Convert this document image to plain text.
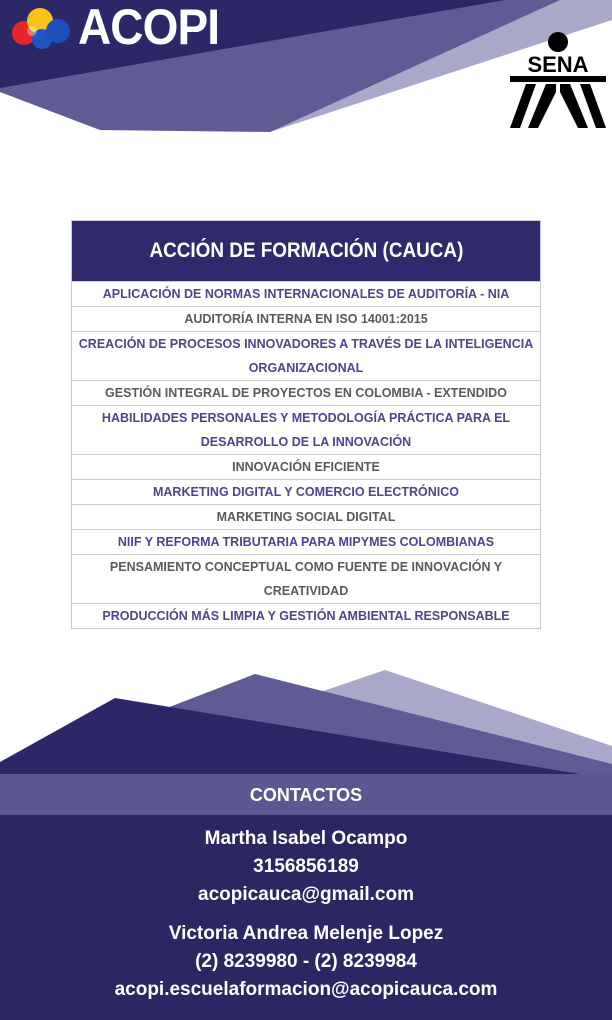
ACOPI
SENA
ACCIÓN DE FORMACIÓN (CAUCA)
APLICACIÓN DE NORMAS INTERNACIONALES DE AUDITORÍA - NIA
AUDITORÍA INTERNA EN ISO 14001:2015
CREACIÓN DE PROCESOS INNOVADORES A TRAVÉS DE LA INTELIGENCIA ORGANIZACIONAL
GESTIÓN INTEGRAL DE PROYECTOS EN COLOMBIA - EXTENDIDO
HABILIDADES PERSONALES Y METODOLOGÍA PRÁCTICA PARA EL DESARROLLO DE LA INNOVACIÓN
INNOVACIÓN EFICIENTE
MARKETING DIGITAL Y COMERCIO ELECTRÓNICO
MARKETING SOCIAL DIGITAL
NIIF Y REFORMA TRIBUTARIA PARA MIPYMES COLOMBIANAS
PENSAMIENTO CONCEPTUAL COMO FUENTE DE INNOVACIÓN Y CREATIVIDAD
PRODUCCIÓN MÁS LIMPIA Y GESTIÓN AMBIENTAL RESPONSABLE
CONTACTOS
Martha Isabel Ocampo
3156856189
acopicauca@gmail.com
Victoria Andrea Melenje Lopez
(2) 8239980 - (2) 8239984
acopi.escuelaformacion@acopicauca.com
